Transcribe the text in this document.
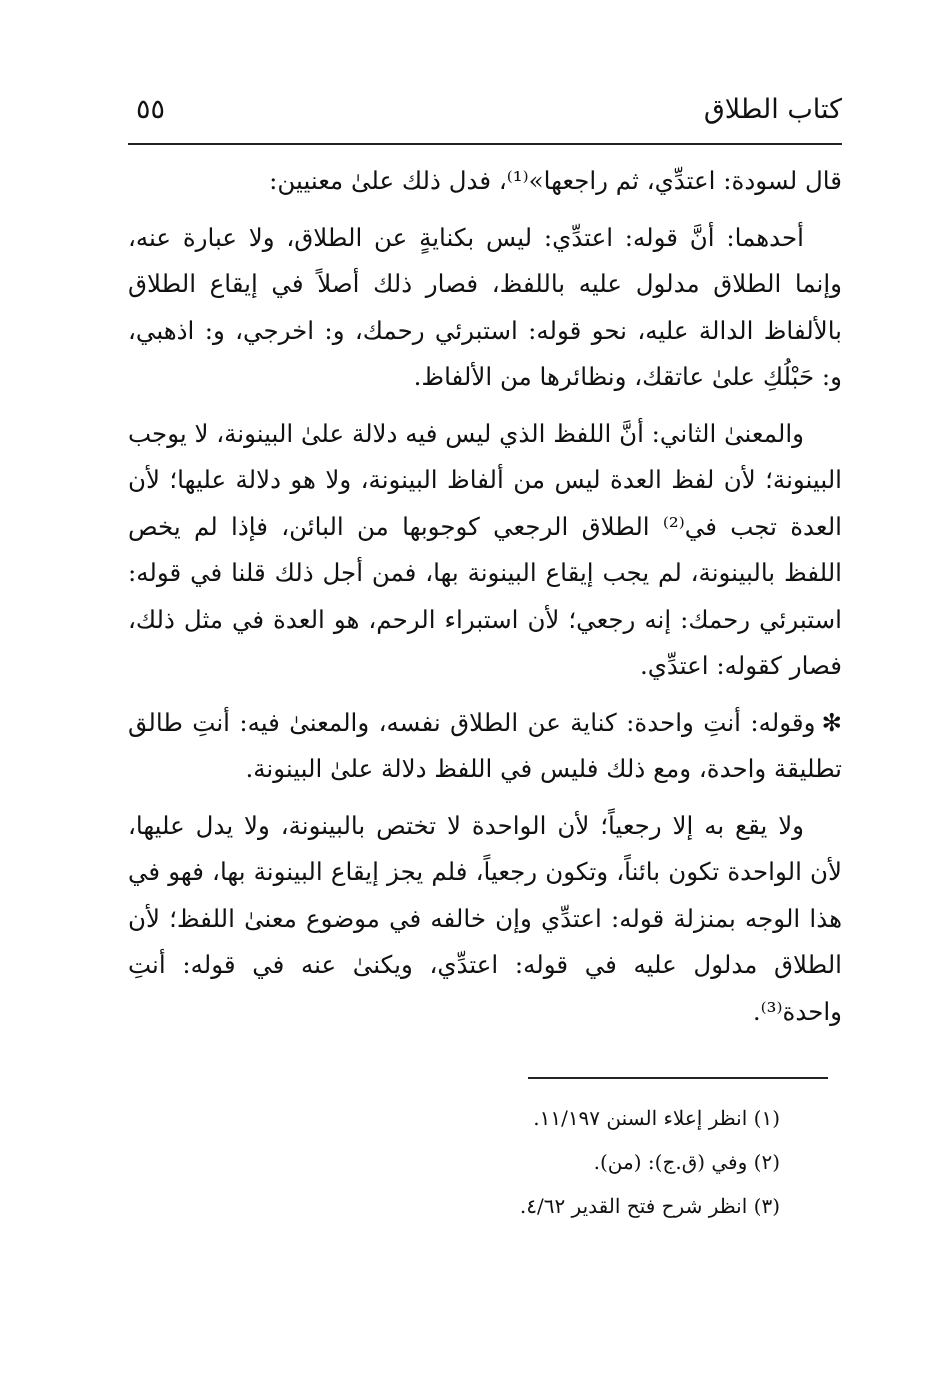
كتاب الطلاق
٥٥

قال لسودة: اعتدِّي، ثم راجعها»⁽¹⁾، فدل ذلك علىٰ معنيين:

أحدهما: أنَّ قوله: اعتدِّي: ليس بكنايةٍ عن الطلاق، ولا عبارة عنه، وإنما الطلاق مدلول عليه باللفظ، فصار ذلك أصلاً في إيقاع الطلاق بالألفاظ الدالة عليه، نحو قوله: استبرئي رحمك، و: اخرجي، و: اذهبي، و: حَبْلُكِ علىٰ عاتقك، ونظائرها من الألفاظ.

والمعنىٰ الثاني: أنَّ اللفظ الذي ليس فيه دلالة علىٰ البينونة، لا يوجب البينونة؛ لأن لفظ العدة ليس من ألفاظ البينونة، ولا هو دلالة عليها؛ لأن العدة تجب في⁽²⁾ الطلاق الرجعي كوجوبها من البائن، فإذا لم يخص اللفظ بالبينونة، لم يجب إيقاع البينونة بها، فمن أجل ذلك قلنا في قوله: استبرئي رحمك: إنه رجعي؛ لأن استبراء الرحم، هو العدة في مثل ذلك، فصار كقوله: اعتدِّي.

✻وقوله: أنتِ واحدة: كناية عن الطلاق نفسه، والمعنىٰ فيه: أنتِ طالق تطليقة واحدة، ومع ذلك فليس في اللفظ دلالة علىٰ البينونة.

ولا يقع به إلا رجعياً؛ لأن الواحدة لا تختص بالبينونة، ولا يدل عليها، لأن الواحدة تكون بائناً، وتكون رجعياً، فلم يجز إيقاع البينونة بها، فهو في هذا الوجه بمنزلة قوله: اعتدِّي وإن خالفه في موضوع معنىٰ اللفظ؛ لأن الطلاق مدلول عليه في قوله: اعتدِّي، ويكنىٰ عنه في قوله: أنتِ واحدة⁽³⁾.

(١) انظر إعلاء السنن ١١/١٩٧.

(٢) وفي (ق.ج): (من).

(٣) انظر شرح فتح القدير ٤/٦٢.
